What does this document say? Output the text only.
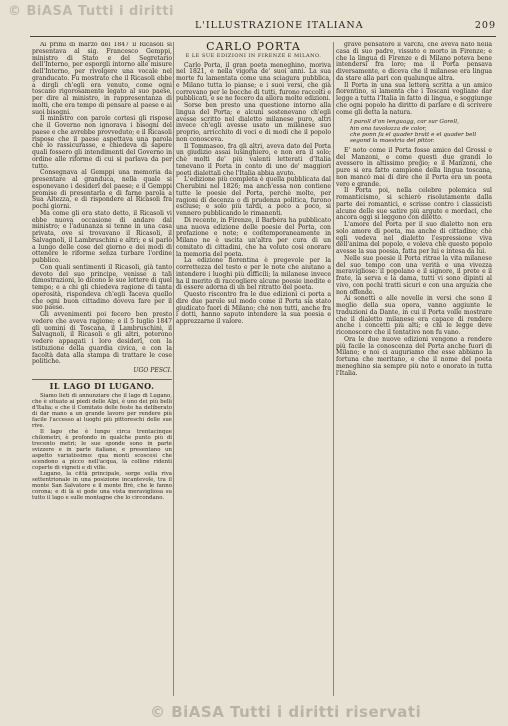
© BiASA Tutti i diritti
L'ILLUSTRAZIONE ITALIANA	209

Ai primi di marzo del 1847 il Ricasoli si presentava al sig. Francesco Gemppi, ministro di Stato e del Segretario dell'Interno, per esporgli intorno alle misure dell'Interno, per rivolgere una vocale nel granducato. Fu mostrato che il Ricasoli ebbe a dirgli ch'egli era venuto, come ogni toscano rigorosamente legato al suo paese, per dire al ministro, in rappresentanza di molti, che era tempo di pensare al paese e ai suoi bisogni.

Il ministro con parole cortesi gli rispose che il Governo non ignorava i bisogni del paese e che avrebbe provveduto; e il Ricasoli rispose che il paese aspettava una parola che lo rassicurasse, e chiedeva di sapere quali fossero gli intendimenti del Governo in ordine alle riforme di cui si parlava da per tutto.

Consegnava al Gemppi una memoria da presentare al granduca, nella quale si esponevano i desiderî del paese; e il Gemppi promise di presentarla e di farne parola a Sua Altezza, e di rispondere al Ricasoli fra pochi giorni.

Ma come gli era stato detto, il Ricasoli vi ebbe nuova occasione di andare dal ministro; e l'adunanza si tenne in una casa privata, ove si trovavano il Ricasoli, il Salvagnoli, il Lambruschini e altri; e si parlò a lungo delle cose del giorno e dei modi di ottenere le riforme senza turbare l'ordine pubblico.

Con quali sentimenti il Ricasoli, già tanto devoto del suo principe, venisse a tali dimostrazioni, lo dicono le sue lettere di quel tempo; e a chi gli chiedeva ragione di tanta operosità, rispondeva ch'egli faceva quello che ogni buon cittadino doveva fare per il suo paese.

Gli avvenimenti poi fecero ben presto vedere che aveva ragione; e il 5 luglio 1847 gli uomini di Toscana, il Lambruschini, il Salvagnoli, il Ricasoli e gli altri, poterono vedere appagati i loro desiderî, con la istituzione della guardia civica, e con la facoltà data alla stampa di trattare le cose politiche.

UGO PESCI.
IL LAGO DI LUGANO.

Siamo lieti di annunziare che il lago di Lugano, che è situato ai piedi delle Alpi, è uno dei più belli d'Italia; e che il Comitato delle feste ha deliberato di dar mano a un grande lavoro per rendere più facile l'accesso ai luoghi più pittoreschi delle sue rive.

Il lago che è lungo circa trentacinque chilometri, è profondo in qualche punto più di trecento metri; le sue sponde sono in parte svizzere e in parte italiane, e presentano un aspetto variatissimo: qua monti scoscesi che scendono a picco nell'acqua, là colline ridenti coperte di vigneti e di ville.

Lugano, la città principale, sorge sulla riva settentrionale in una posizione incantevole, tra il monte San Salvatore e il monte Brè, che le fanno corona; e di là si gode una vista meravigliosa su tutto il lago e sulle montagne che lo circondano.

CARLO PORTA
E LE SUE EDIZIONI IN FIRENZE E MILANO.

Carlo Porta, il gran poeta meneghino, moriva nel 1821, e nella vigoria de' suoi anni. La sua morte fu lamentata come una sciagura pubblica, e Milano tutta lo pianse; e i suoi versi, che già correvano per le bocche di tutti, furono raccolti e pubblicati, e se ne fecero da allora molte edizioni.

Sorse ben presto una questione intorno alla lingua del Porta; e alcuni sostenevano ch'egli avesse scritto nel dialetto milanese puro, altri invece ch'egli avesse usato un milanese suo proprio, arricchito di voci e di modi che il popolo non conosceva.

Il Tommaseo, fra gli altri, aveva dato del Porta un giudizio assai lusinghiero, e non era il solo; chè molti de' più valenti letterati d'Italia tenevano il Porta in conto di uno de' maggiori poeti dialettali che l'Italia abbia avuto.

L'edizione più completa è quella pubblicata dal Cherubini nel 1826; ma anch'essa non contiene tutte le poesie del Porta, perchè molte, per ragioni di decenza o di prudenza politica, furono escluse; e solo più tardi, a poco a poco, si vennero pubblicando le rimanenti.

Di recente, in Firenze, il Barbèra ha pubblicato una nuova edizione delle poesie del Porta, con prefazione e note; e contemporaneamente in Milano ne è uscita un'altra per cura di un comitato di cittadini, che ha voluto così onorare la memoria del poeta.

La edizione fiorentina è pregevole per la correttezza del testo e per le note che aiutano a intendere i luoghi più difficili; la milanese invece ha il merito di raccogliere alcune poesie inedite e di essere adorna di un bel ritratto del poeta.

Questo riscontro fra le due edizioni ci porta a dire due parole sul modo come il Porta sia stato giudicato fuori di Milano; chè non tutti, anche fra i dotti, hanno saputo intendere la sua poesia e apprezzarne il valore.

grave pensatore il Varchi, che aveva nato nella casa di suo padre, vissuto e morto in Firenze; e che la lingua di Firenze e di Milano poteva bene intendersi fra loro; ma il Porta pensava diversamente, e diceva che il milanese era lingua da stare alla pari con qualunque altra.

Il Porta in una sua lettera scritta a un amico fiorentino, si lamenta che i Toscani vogliano dar legge a tutta l'Italia in fatto di lingua, e soggiunge che ogni popolo ha diritto di parlare e di scrivere come gli detta la natura.

I paroll d'on lenguagg, car sur Gorell,
hin ona tavolozza de color,
che ponn fa el quader brutt e el quader bell
segond la maestria del pittor.

E' noto come il Porta fosse amico del Grossi e del Manzoni, e come questi due grandi lo avessero in altissimo pregio; e il Manzoni, che pure si era fatto campione della lingua toscana, non mancò mai di dire che il Porta era un poeta vero e grande.

Il Porta poi, nella celebre polemica sul romanticismo, si schierò risolutamente dalla parte dei romantici, e scrisse contro i classicisti alcune delle sue satire più argute e mordaci, che ancora oggi si leggono con diletto.

L'amore del Porta per il suo dialetto non era solo amore di poeta, ma anche di cittadino; chè egli vedeva nel dialetto l'espressione viva dell'anima del popolo, e voleva che questo popolo avesse la sua poesia, fatta per lui e intesa da lui.

Nelle sue poesie il Porta ritrae la vita milanese del suo tempo con una verità e una vivezza meravigliose: il popolano e il signore, il prete e il frate, la serva e la dama, tutti vi sono dipinti al vivo, con pochi tratti sicuri e con una arguzia che non offende.

Ai sonetti e alle novelle in versi che sono il meglio della sua opera, vanno aggiunte le traduzioni da Dante, in cui il Porta volle mostrare che il dialetto milanese era capace di rendere anche i concetti più alti; e chi le legge deve riconoscere che il tentativo non fu vano.

Ora le due nuove edizioni vengono a rendere più facile la conoscenza del Porta anche fuori di Milano; e noi ci auguriamo che esse abbiano la fortuna che meritano, e che il nome del poeta meneghino sia sempre più noto e onorato in tutta l'Italia.

© BiASA Tutti i diritti riservati
